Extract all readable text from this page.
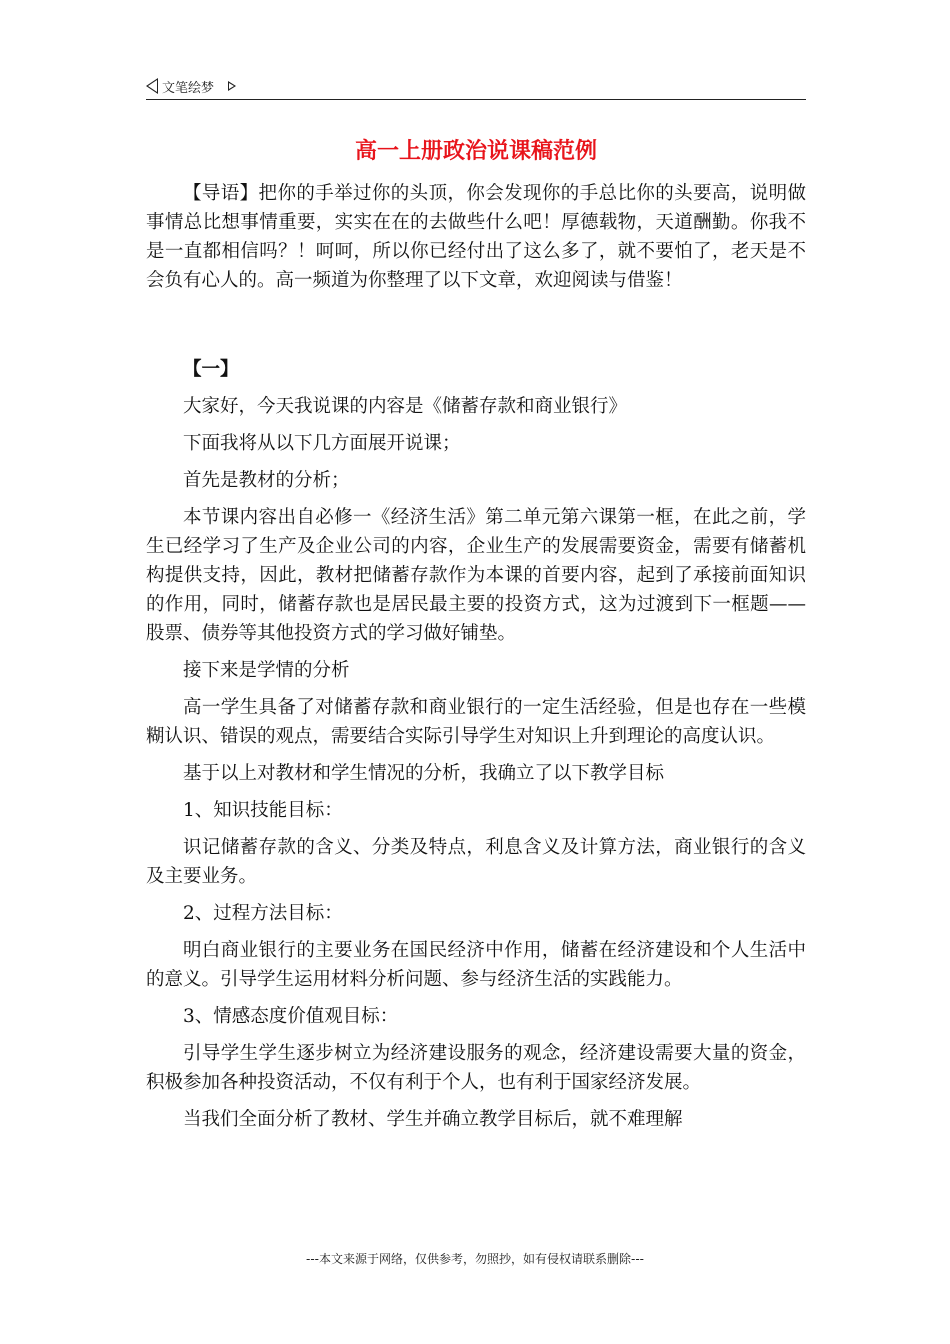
文笔绘梦
高一上册政治说课稿范例

【导语】把你的手举过你的头顶，你会发现你的手总比你的头要高，说明做事情总比想事情重要，实实在在的去做些什么吧！厚德载物，天道酬勤。你我不是一直都相信吗？！呵呵，所以你已经付出了这么多了，就不要怕了，老天是不会负有心人的。高一频道为你整理了以下文章，欢迎阅读与借鉴！

【一】

大家好，今天我说课的内容是《储蓄存款和商业银行》

下面我将从以下几方面展开说课；

首先是教材的分析；

本节课内容出自必修一《经济生活》第二单元第六课第一框，在此之前，学生已经学习了生产及企业公司的内容，企业生产的发展需要资金，需要有储蓄机构提供支持，因此，教材把储蓄存款作为本课的首要内容，起到了承接前面知识的作用，同时，储蓄存款也是居民最主要的投资方式，这为过渡到下一框题——股票、债券等其他投资方式的学习做好铺垫。

接下来是学情的分析

高一学生具备了对储蓄存款和商业银行的一定生活经验，但是也存在一些模糊认识、错误的观点，需要结合实际引导学生对知识上升到理论的高度认识。

基于以上对教材和学生情况的分析，我确立了以下教学目标

1、知识技能目标：

识记储蓄存款的含义、分类及特点，利息含义及计算方法，商业银行的含义及主要业务。

2、过程方法目标：

明白商业银行的主要业务在国民经济中作用，储蓄在经济建设和个人生活中的意义。引导学生运用材料分析问题、参与经济生活的实践能力。

3、情感态度价值观目标：

引导学生学生逐步树立为经济建设服务的观念，经济建设需要大量的资金，积极参加各种投资活动，不仅有利于个人，也有利于国家经济发展。

当我们全面分析了教材、学生并确立教学目标后，就不难理解

---本文来源于网络，仅供参考，勿照抄，如有侵权请联系删除---
